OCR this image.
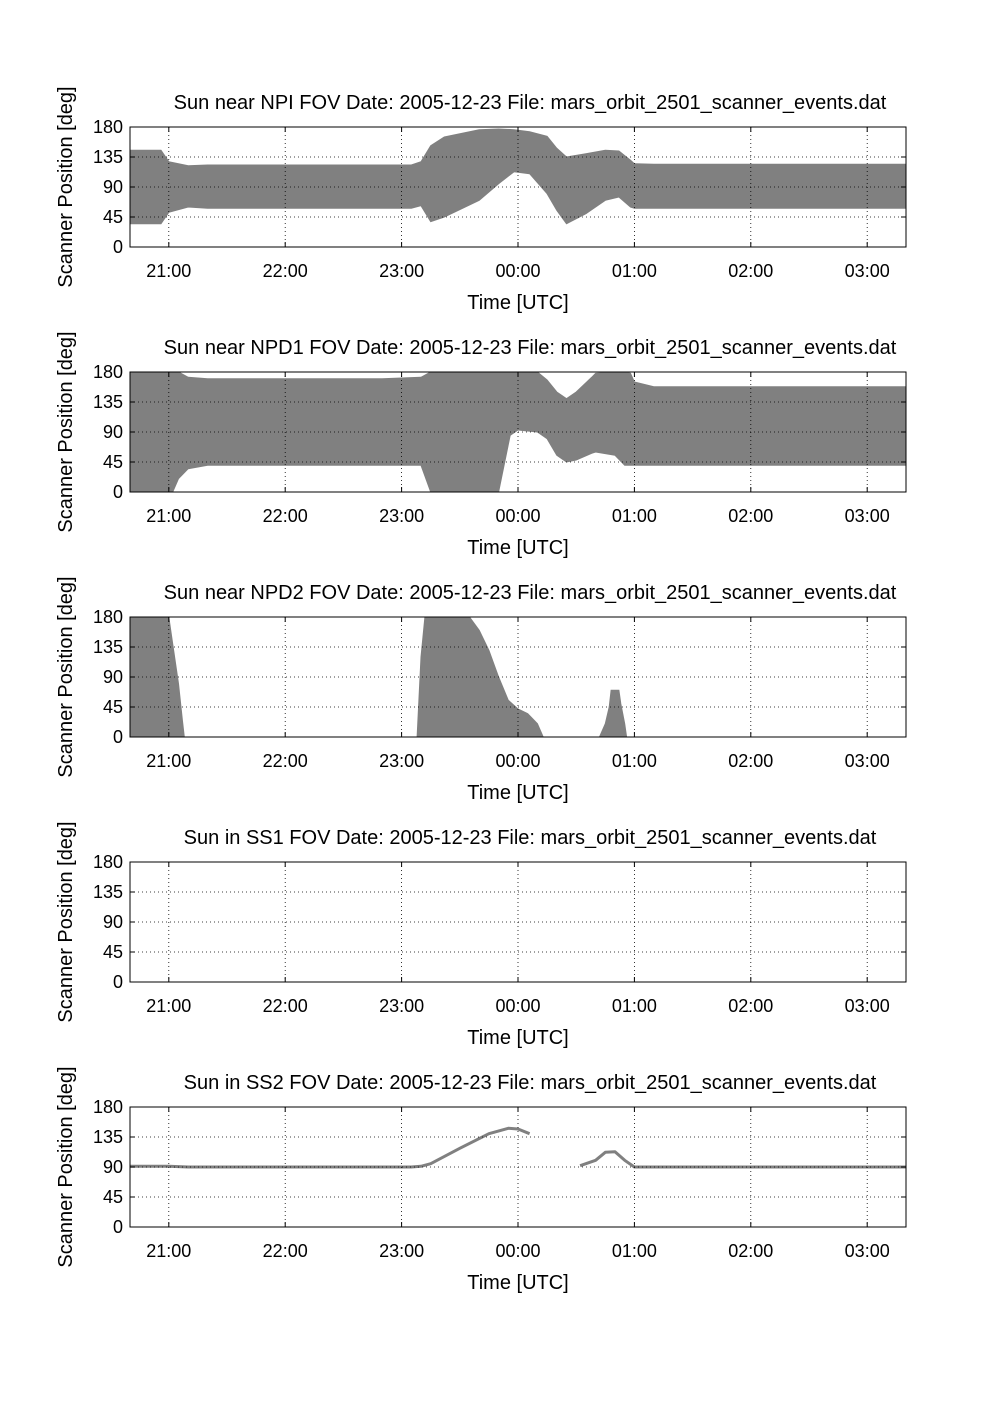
21:00	22:00	23:00	00:00	01:00	02:00	03:00
0
45
90
135
180
Sun near NPI FOV Date: 2005-12-23 File: mars_orbit_2501_scanner_events.dat
Time [UTC]
Scanner Position [deg]
21:00	22:00	23:00	00:00	01:00	02:00	03:00
0
45
90
135
180
Sun near NPD1 FOV Date: 2005-12-23 File: mars_orbit_2501_scanner_events.dat
Time [UTC]
Scanner Position [deg]
21:00	22:00	23:00	00:00	01:00	02:00	03:00
0
45
90
135
180
Sun near NPD2 FOV Date: 2005-12-23 File: mars_orbit_2501_scanner_events.dat
Time [UTC]
Scanner Position [deg]
21:00	22:00	23:00	00:00	01:00	02:00	03:00
0
45
90
135
180
Sun in SS1 FOV Date: 2005-12-23 File: mars_orbit_2501_scanner_events.dat
Time [UTC]
Scanner Position [deg]
21:00	22:00	23:00	00:00	01:00	02:00	03:00
0
45
90
135
180
Sun in SS2 FOV Date: 2005-12-23 File: mars_orbit_2501_scanner_events.dat
Time [UTC]
Scanner Position [deg]
